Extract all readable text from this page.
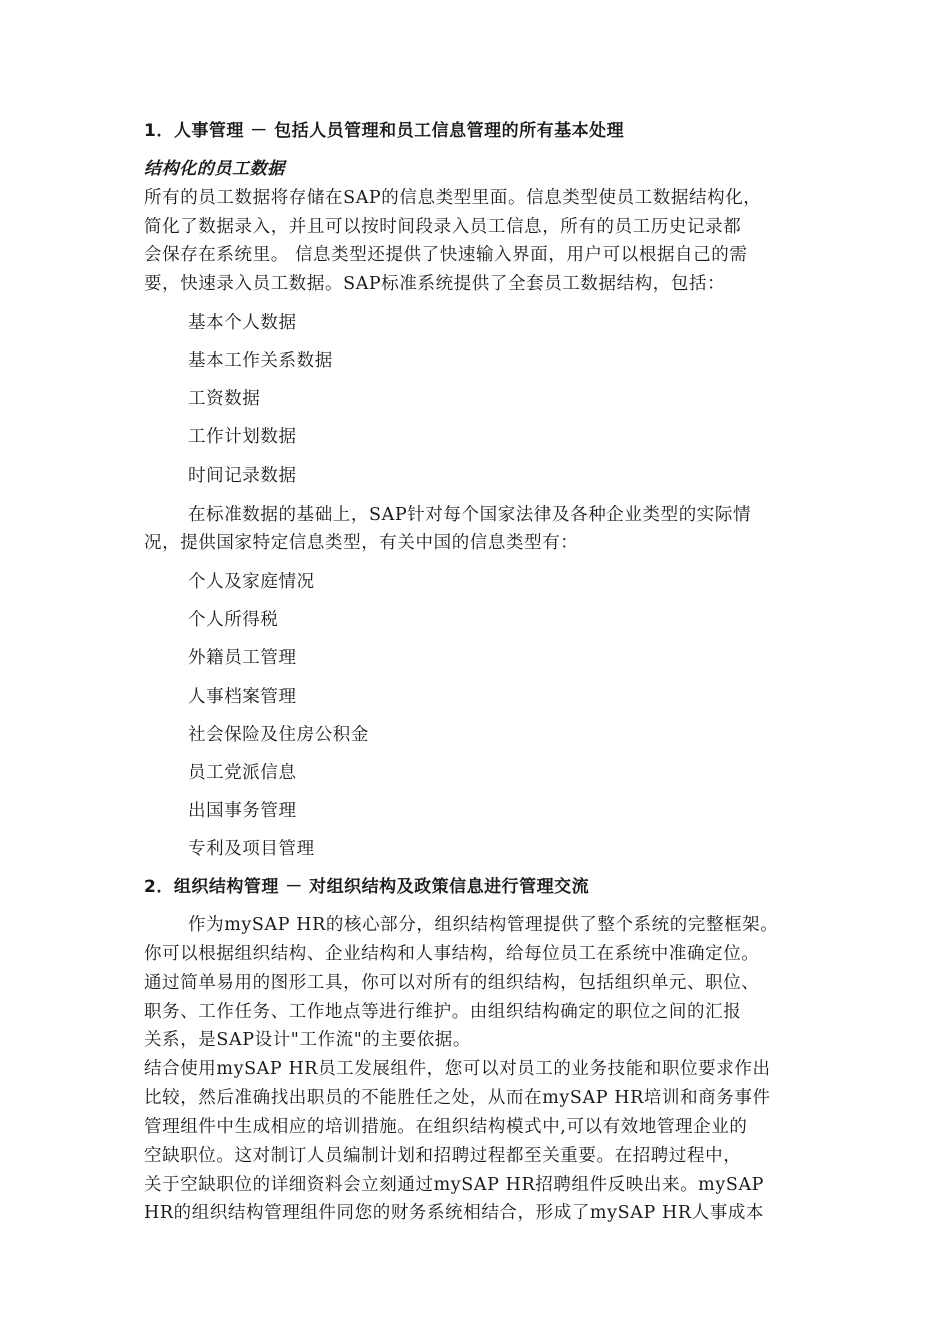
1．人事管理 － 包括人员管理和员工信息管理的所有基本处理
结构化的员工数据
所有的员工数据将存储在SAP的信息类型里面。信息类型使员工数据结构化，
简化了数据录入，并且可以按时间段录入员工信息，所有的员工历史记录都
会保存在系统里。 信息类型还提供了快速输入界面，用户可以根据自己的需
要，快速录入员工数据。SAP标准系统提供了全套员工数据结构，包括：
基本个人数据
基本工作关系数据
工资数据
工作计划数据
时间记录数据
在标准数据的基础上，SAP针对每个国家法律及各种企业类型的实际情
况，提供国家特定信息类型，有关中国的信息类型有：
个人及家庭情况
个人所得税
外籍员工管理
人事档案管理
社会保险及住房公积金
员工党派信息
出国事务管理
专利及项目管理
2．组织结构管理 － 对组织结构及政策信息进行管理交流
作为mySAP HR的核心部分，组织结构管理提供了整个系统的完整框架。
你可以根据组织结构、企业结构和人事结构，给每位员工在系统中准确定位。
通过简单易用的图形工具，你可以对所有的组织结构，包括组织单元、职位、
职务、工作任务、工作地点等进行维护。由组织结构确定的职位之间的汇报
关系，是SAP设计"工作流"的主要依据。
结合使用mySAP HR员工发展组件，您可以对员工的业务技能和职位要求作出
比较，然后准确找出职员的不能胜任之处，从而在mySAP HR培训和商务事件
管理组件中生成相应的培训措施。在组织结构模式中,可以有效地管理企业的
空缺职位。这对制订人员编制计划和招聘过程都至关重要。在招聘过程中，
关于空缺职位的详细资料会立刻通过mySAP HR招聘组件反映出来。mySAP
HR的组织结构管理组件同您的财务系统相结合，形成了mySAP HR人事成本
